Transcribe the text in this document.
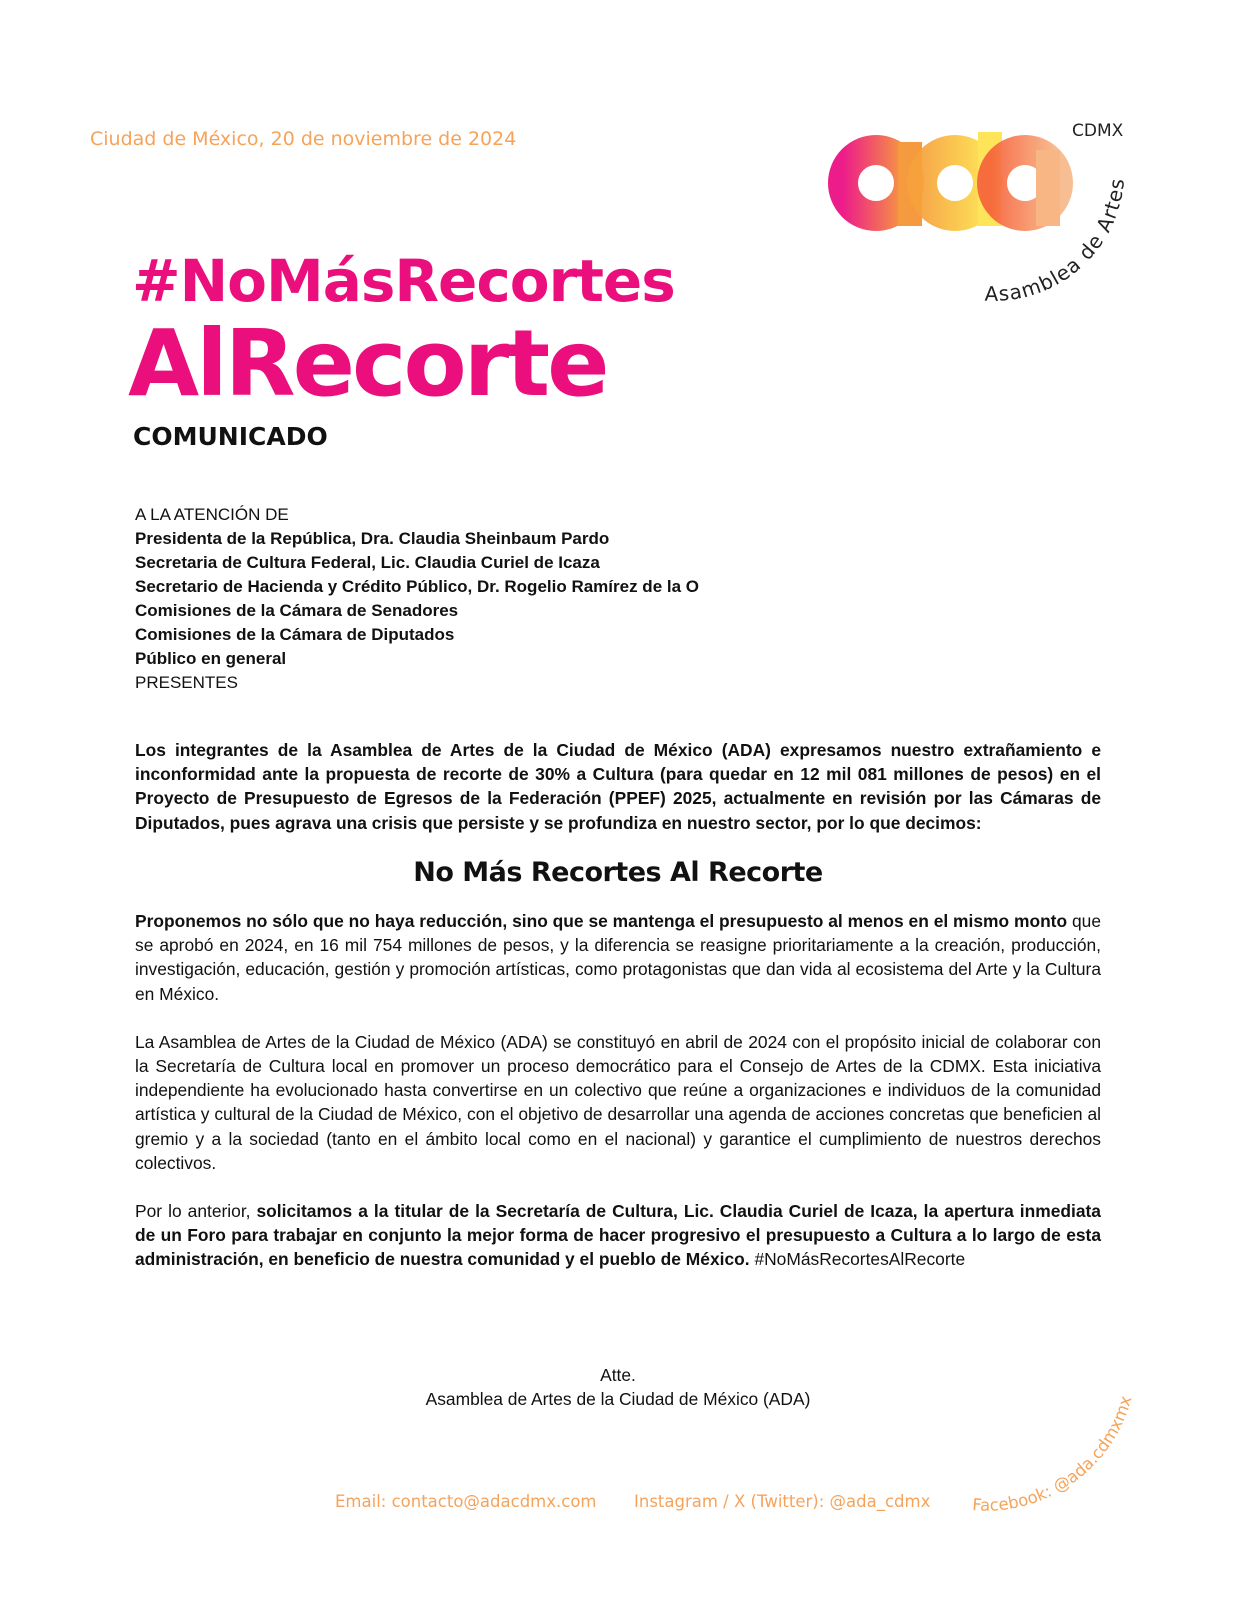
Ciudad de México, 20 de noviembre de 2024	CDMX
Asamblea de Artes
#NoMásRecortes
AlRecorte
COMUNICADO
A LA ATENCIÓN DE
Presidenta de la República, Dra. Claudia Sheinbaum Pardo
Secretaria de Cultura Federal, Lic. Claudia Curiel de Icaza
Secretario de Hacienda y Crédito Público, Dr. Rogelio Ramírez de la O
Comisiones de la Cámara de Senadores
Comisiones de la Cámara de Diputados
Público en general
PRESENTES

Los integrantes de la Asamblea de Artes de la Ciudad de México (ADA) expresamos nuestro extrañamiento e inconformidad ante la propuesta de recorte de 30% a Cultura (para quedar en 12 mil 081 millones de pesos) en el Proyecto de Presupuesto de Egresos de la Federación (PPEF) 2025, actualmente en revisión por las Cámaras de Diputados, pues agrava una crisis que persiste y se profundiza en nuestro sector, por lo que decimos:

No Más Recortes Al Recorte

Proponemos no sólo que no haya reducción, sino que se mantenga el presupuesto al menos en el mismo monto que se aprobó en 2024, en 16 mil 754 millones de pesos, y la diferencia se reasigne prioritariamente a la creación, producción, investigación, educación, gestión y promoción artísticas, como protagonistas que dan vida al ecosistema del Arte y la Cultura en México.

La Asamblea de Artes de la Ciudad de México (ADA) se constituyó en abril de 2024 con el propósito inicial de colaborar con la Secretaría de Cultura local en promover un proceso democrático para el Consejo de Artes de la CDMX. Esta iniciativa independiente ha evolucionado hasta convertirse en un colectivo que reúne a organizaciones e individuos de la comunidad artística y cultural de la Ciudad de México, con el objetivo de desarrollar una agenda de acciones concretas que beneficien al gremio y a la sociedad (tanto en el ámbito local como en el nacional) y garantice el cumplimiento de nuestros derechos colectivos.

Por lo anterior, solicitamos a la titular de la Secretaría de Cultura, Lic. Claudia Curiel de Icaza, la apertura inmediata de un Foro para trabajar en conjunto la mejor forma de hacer progresivo el presupuesto a Cultura a lo largo de esta administración, en beneficio de nuestra comunidad y el pueblo de México. #NoMásRecortesAlRecorte

Atte.
Asamblea de Artes de la Ciudad de México (ADA)
Email: contacto@adacdmx.com Instagram / X (Twitter): @ada_cdmx	Facebook: @ada.cdmxmx
